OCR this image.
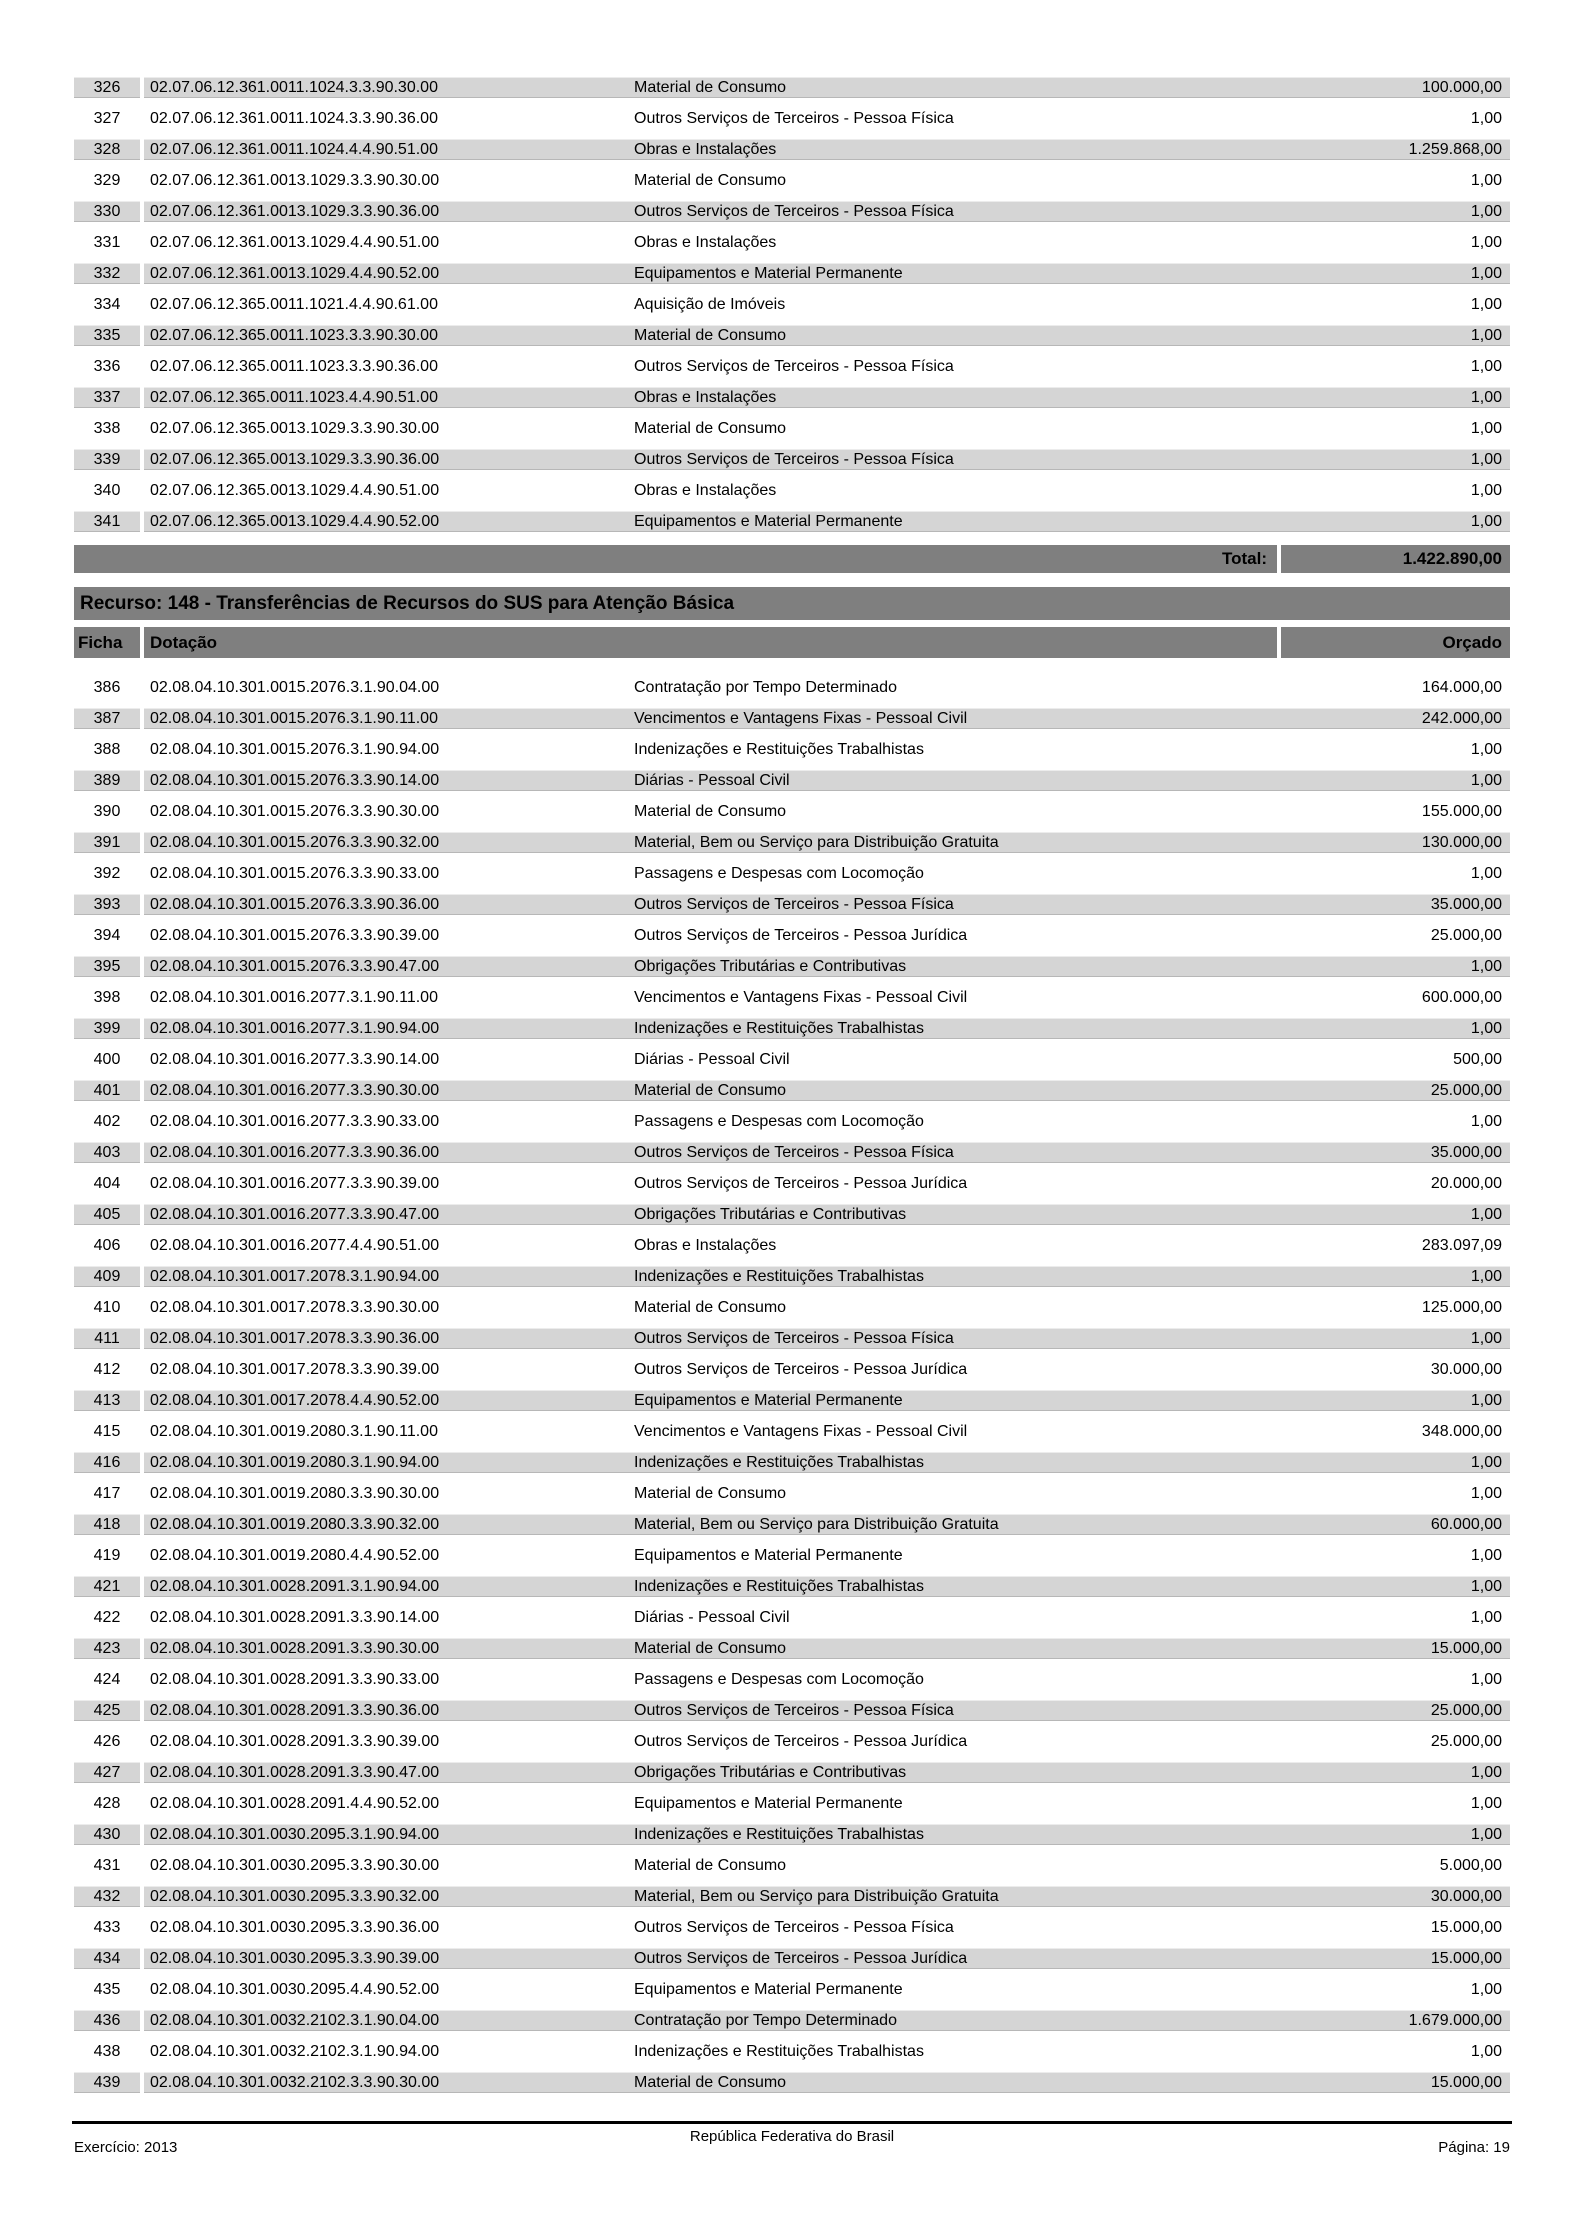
326	02.07.06.12.361.0011.1024.3.3.90.30.00	Material de Consumo	100.000,00
327	02.07.06.12.361.0011.1024.3.3.90.36.00	Outros Serviços de Terceiros - Pessoa Física	1,00
328	02.07.06.12.361.0011.1024.4.4.90.51.00	Obras e Instalações	1.259.868,00
329	02.07.06.12.361.0013.1029.3.3.90.30.00	Material de Consumo	1,00
330	02.07.06.12.361.0013.1029.3.3.90.36.00	Outros Serviços de Terceiros - Pessoa Física	1,00
331	02.07.06.12.361.0013.1029.4.4.90.51.00	Obras e Instalações	1,00
332	02.07.06.12.361.0013.1029.4.4.90.52.00	Equipamentos e Material Permanente	1,00
334	02.07.06.12.365.0011.1021.4.4.90.61.00	Aquisição de Imóveis	1,00
335	02.07.06.12.365.0011.1023.3.3.90.30.00	Material de Consumo	1,00
336	02.07.06.12.365.0011.1023.3.3.90.36.00	Outros Serviços de Terceiros - Pessoa Física	1,00
337	02.07.06.12.365.0011.1023.4.4.90.51.00	Obras e Instalações	1,00
338	02.07.06.12.365.0013.1029.3.3.90.30.00	Material de Consumo	1,00
339	02.07.06.12.365.0013.1029.3.3.90.36.00	Outros Serviços de Terceiros - Pessoa Física	1,00
340	02.07.06.12.365.0013.1029.4.4.90.51.00	Obras e Instalações	1,00
341	02.07.06.12.365.0013.1029.4.4.90.52.00	Equipamentos e Material Permanente	1,00
Total:	1.422.890,00
Recurso: 148 - Transferências de Recursos do SUS para Atenção Básica
Ficha	Dotação	Orçado
386	02.08.04.10.301.0015.2076.3.1.90.04.00	Contratação por Tempo Determinado	164.000,00
387	02.08.04.10.301.0015.2076.3.1.90.11.00	Vencimentos e Vantagens Fixas - Pessoal Civil	242.000,00
388	02.08.04.10.301.0015.2076.3.1.90.94.00	Indenizações e Restituições Trabalhistas	1,00
389	02.08.04.10.301.0015.2076.3.3.90.14.00	Diárias - Pessoal Civil	1,00
390	02.08.04.10.301.0015.2076.3.3.90.30.00	Material de Consumo	155.000,00
391	02.08.04.10.301.0015.2076.3.3.90.32.00	Material, Bem ou Serviço para Distribuição Gratuita	130.000,00
392	02.08.04.10.301.0015.2076.3.3.90.33.00	Passagens e Despesas com Locomoção	1,00
393	02.08.04.10.301.0015.2076.3.3.90.36.00	Outros Serviços de Terceiros - Pessoa Física	35.000,00
394	02.08.04.10.301.0015.2076.3.3.90.39.00	Outros Serviços de Terceiros - Pessoa Jurídica	25.000,00
395	02.08.04.10.301.0015.2076.3.3.90.47.00	Obrigações Tributárias e Contributivas	1,00
398	02.08.04.10.301.0016.2077.3.1.90.11.00	Vencimentos e Vantagens Fixas - Pessoal Civil	600.000,00
399	02.08.04.10.301.0016.2077.3.1.90.94.00	Indenizações e Restituições Trabalhistas	1,00
400	02.08.04.10.301.0016.2077.3.3.90.14.00	Diárias - Pessoal Civil	500,00
401	02.08.04.10.301.0016.2077.3.3.90.30.00	Material de Consumo	25.000,00
402	02.08.04.10.301.0016.2077.3.3.90.33.00	Passagens e Despesas com Locomoção	1,00
403	02.08.04.10.301.0016.2077.3.3.90.36.00	Outros Serviços de Terceiros - Pessoa Física	35.000,00
404	02.08.04.10.301.0016.2077.3.3.90.39.00	Outros Serviços de Terceiros - Pessoa Jurídica	20.000,00
405	02.08.04.10.301.0016.2077.3.3.90.47.00	Obrigações Tributárias e Contributivas	1,00
406	02.08.04.10.301.0016.2077.4.4.90.51.00	Obras e Instalações	283.097,09
409	02.08.04.10.301.0017.2078.3.1.90.94.00	Indenizações e Restituições Trabalhistas	1,00
410	02.08.04.10.301.0017.2078.3.3.90.30.00	Material de Consumo	125.000,00
411	02.08.04.10.301.0017.2078.3.3.90.36.00	Outros Serviços de Terceiros - Pessoa Física	1,00
412	02.08.04.10.301.0017.2078.3.3.90.39.00	Outros Serviços de Terceiros - Pessoa Jurídica	30.000,00
413	02.08.04.10.301.0017.2078.4.4.90.52.00	Equipamentos e Material Permanente	1,00
415	02.08.04.10.301.0019.2080.3.1.90.11.00	Vencimentos e Vantagens Fixas - Pessoal Civil	348.000,00
416	02.08.04.10.301.0019.2080.3.1.90.94.00	Indenizações e Restituições Trabalhistas	1,00
417	02.08.04.10.301.0019.2080.3.3.90.30.00	Material de Consumo	1,00
418	02.08.04.10.301.0019.2080.3.3.90.32.00	Material, Bem ou Serviço para Distribuição Gratuita	60.000,00
419	02.08.04.10.301.0019.2080.4.4.90.52.00	Equipamentos e Material Permanente	1,00
421	02.08.04.10.301.0028.2091.3.1.90.94.00	Indenizações e Restituições Trabalhistas	1,00
422	02.08.04.10.301.0028.2091.3.3.90.14.00	Diárias - Pessoal Civil	1,00
423	02.08.04.10.301.0028.2091.3.3.90.30.00	Material de Consumo	15.000,00
424	02.08.04.10.301.0028.2091.3.3.90.33.00	Passagens e Despesas com Locomoção	1,00
425	02.08.04.10.301.0028.2091.3.3.90.36.00	Outros Serviços de Terceiros - Pessoa Física	25.000,00
426	02.08.04.10.301.0028.2091.3.3.90.39.00	Outros Serviços de Terceiros - Pessoa Jurídica	25.000,00
427	02.08.04.10.301.0028.2091.3.3.90.47.00	Obrigações Tributárias e Contributivas	1,00
428	02.08.04.10.301.0028.2091.4.4.90.52.00	Equipamentos e Material Permanente	1,00
430	02.08.04.10.301.0030.2095.3.1.90.94.00	Indenizações e Restituições Trabalhistas	1,00
431	02.08.04.10.301.0030.2095.3.3.90.30.00	Material de Consumo	5.000,00
432	02.08.04.10.301.0030.2095.3.3.90.32.00	Material, Bem ou Serviço para Distribuição Gratuita	30.000,00
433	02.08.04.10.301.0030.2095.3.3.90.36.00	Outros Serviços de Terceiros - Pessoa Física	15.000,00
434	02.08.04.10.301.0030.2095.3.3.90.39.00	Outros Serviços de Terceiros - Pessoa Jurídica	15.000,00
435	02.08.04.10.301.0030.2095.4.4.90.52.00	Equipamentos e Material Permanente	1,00
436	02.08.04.10.301.0032.2102.3.1.90.04.00	Contratação por Tempo Determinado	1.679.000,00
438	02.08.04.10.301.0032.2102.3.1.90.94.00	Indenizações e Restituições Trabalhistas	1,00
439	02.08.04.10.301.0032.2102.3.3.90.30.00	Material de Consumo	15.000,00
República Federativa do Brasil
Exercício: 2013	Página: 19
